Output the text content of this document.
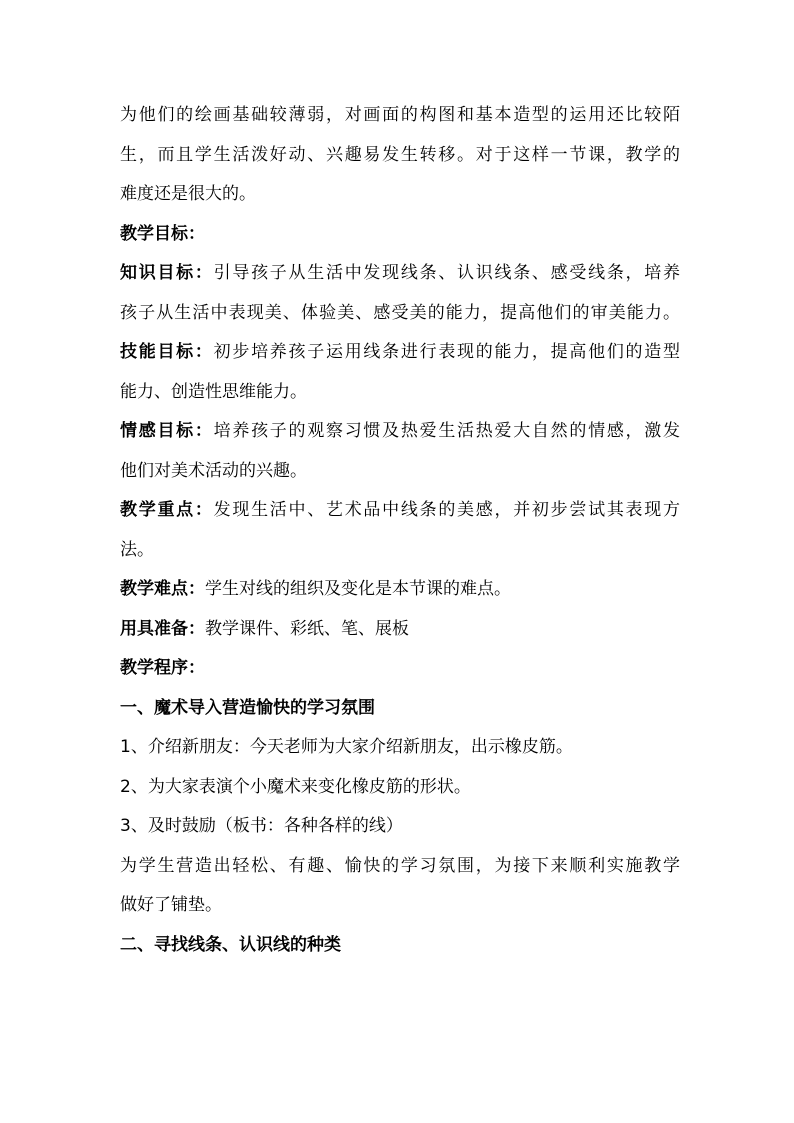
为他们的绘画基础较薄弱，对画面的构图和基本造型的运用还比较陌
生，而且学生活泼好动、兴趣易发生转移。对于这样一节课，教学的
难度还是很大的。
教学目标：
知识目标：引导孩子从生活中发现线条、认识线条、感受线条，培养
孩子从生活中表现美、体验美、感受美的能力，提高他们的审美能力。
技能目标：初步培养孩子运用线条进行表现的能力，提高他们的造型
能力、创造性思维能力。
情感目标：培养孩子的观察习惯及热爱生活热爱大自然的情感，激发
他们对美术活动的兴趣。
教学重点：发现生活中、艺术品中线条的美感，并初步尝试其表现方
法。
教学难点：学生对线的组织及变化是本节课的难点。
用具准备：教学课件、彩纸、笔、展板
教学程序：
一、魔术导入营造愉快的学习氛围
1、介绍新朋友：今天老师为大家介绍新朋友，出示橡皮筋。
2、为大家表演个小魔术来变化橡皮筋的形状。
3、及时鼓励（板书：各种各样的线）
为学生营造出轻松、有趣、愉快的学习氛围，为接下来顺利实施教学
做好了铺垫。
二、寻找线条、认识线的种类
